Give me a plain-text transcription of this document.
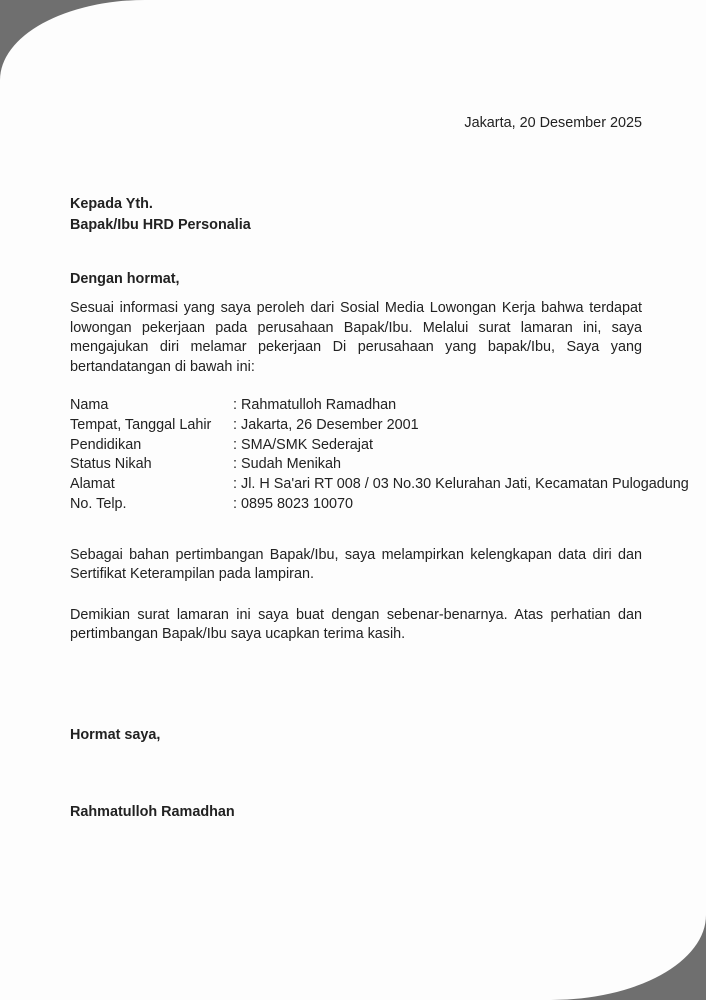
Jakarta, 20 Desember 2025
Kepada Yth.
Bapak/Ibu HRD Personalia
Dengan hormat,

Sesuai informasi yang saya peroleh dari Sosial Media Lowongan Kerja bahwa terdapat lowongan pekerjaan pada perusahaan Bapak/Ibu. Melalui surat lamaran ini, saya mengajukan diri melamar pekerjaan Di perusahaan yang bapak/Ibu, Saya yang bertandatangan di bawah ini:

Nama	: Rahmatulloh Ramadhan
Tempat, Tanggal Lahir	: Jakarta, 26 Desember 2001
Pendidikan	: SMA/SMK Sederajat
Status Nikah	: Sudah Menikah
Alamat	: Jl. H Sa'ari RT 008 / 03 No.30 Kelurahan Jati, Kecamatan Pulogadung
No. Telp.	: 0895 8023 10070

Sebagai bahan pertimbangan Bapak/Ibu, saya melampirkan kelengkapan data diri dan Sertifikat Keterampilan pada lampiran.

Demikian surat lamaran ini saya buat dengan sebenar-benarnya. Atas perhatian dan pertimbangan Bapak/Ibu saya ucapkan terima kasih.

Hormat saya,
Rahmatulloh Ramadhan
